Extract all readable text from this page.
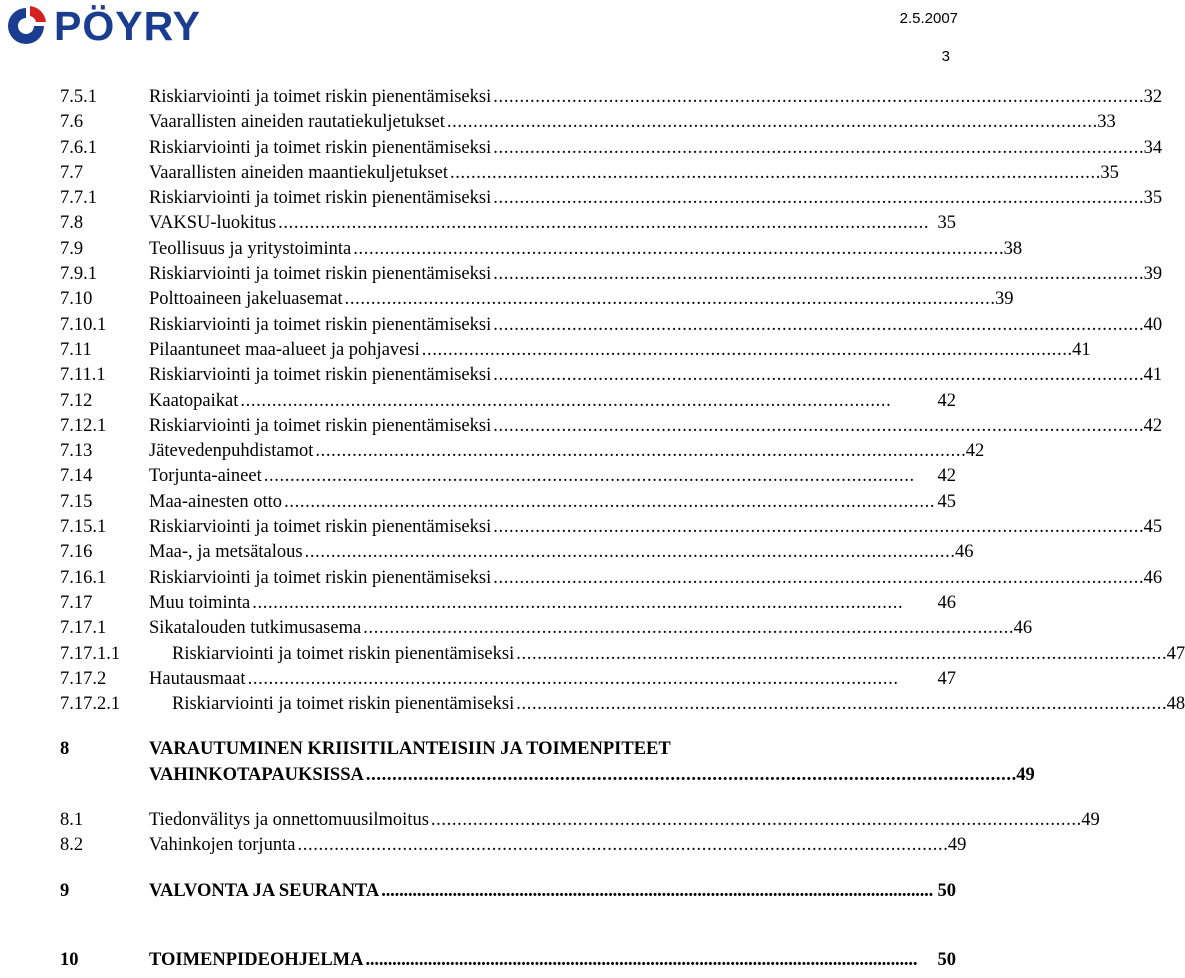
PÖYRY	2.5.2007
3
7.5.1	Riskiarviointi ja toimet riskin pienentämiseksi . . .	32
7.6	Vaarallisten aineiden rautatiekuljetukset . . .	33
7.6.1	Riskiarviointi ja toimet riskin pienentämiseksi . . .	34
7.7	Vaarallisten aineiden maantiekuljetukset . . .	35
7.7.1	Riskiarviointi ja toimet riskin pienentämiseksi . . .	35
7.8	VAKSU-luokitus . . .	35
7.9	Teollisuus ja yritystoiminta . . .	38
7.9.1	Riskiarviointi ja toimet riskin pienentämiseksi . . .	39
7.10	Polttoaineen jakeluasemat . . .	39
7.10.1	Riskiarviointi ja toimet riskin pienentämiseksi . . .	40
7.11	Pilaantuneet maa-alueet ja pohjavesi . . .	41
7.11.1	Riskiarviointi ja toimet riskin pienentämiseksi . . .	41
7.12	Kaatopaikat . . .	42
7.12.1	Riskiarviointi ja toimet riskin pienentämiseksi . . .	42
7.13	Jätevedenpuhdistamot . . .	42
7.14	Torjunta-aineet . . .	42
7.15	Maa-ainesten otto . . .	45
7.15.1	Riskiarviointi ja toimet riskin pienentämiseksi . . .	45
7.16	Maa-, ja metsätalous . . .	46
7.16.1	Riskiarviointi ja toimet riskin pienentämiseksi . . .	46
7.17	Muu toiminta . . .	46
7.17.1	Sikatalouden tutkimusasema . . .	46
7.17.1.1	Riskiarviointi ja toimet riskin pienentämiseksi . . .	47
7.17.2	Hautausmaat . . .	47
7.17.2.1	Riskiarviointi ja toimet riskin pienentämiseksi . . .	48
8	VARAUTUMINEN KRIISITILANTEISIIN JA TOIMENPITEET
VAHINKOTAPAUKSISSA . . .	49
8.1	Tiedonvälitys ja onnettomuusilmoitus . . .	49
8.2	Vahinkojen torjunta . . .	49
9	VALVONTA JA SEURANTA . . .	50
10	TOIMENPIDEOHJELMA . . .	50
